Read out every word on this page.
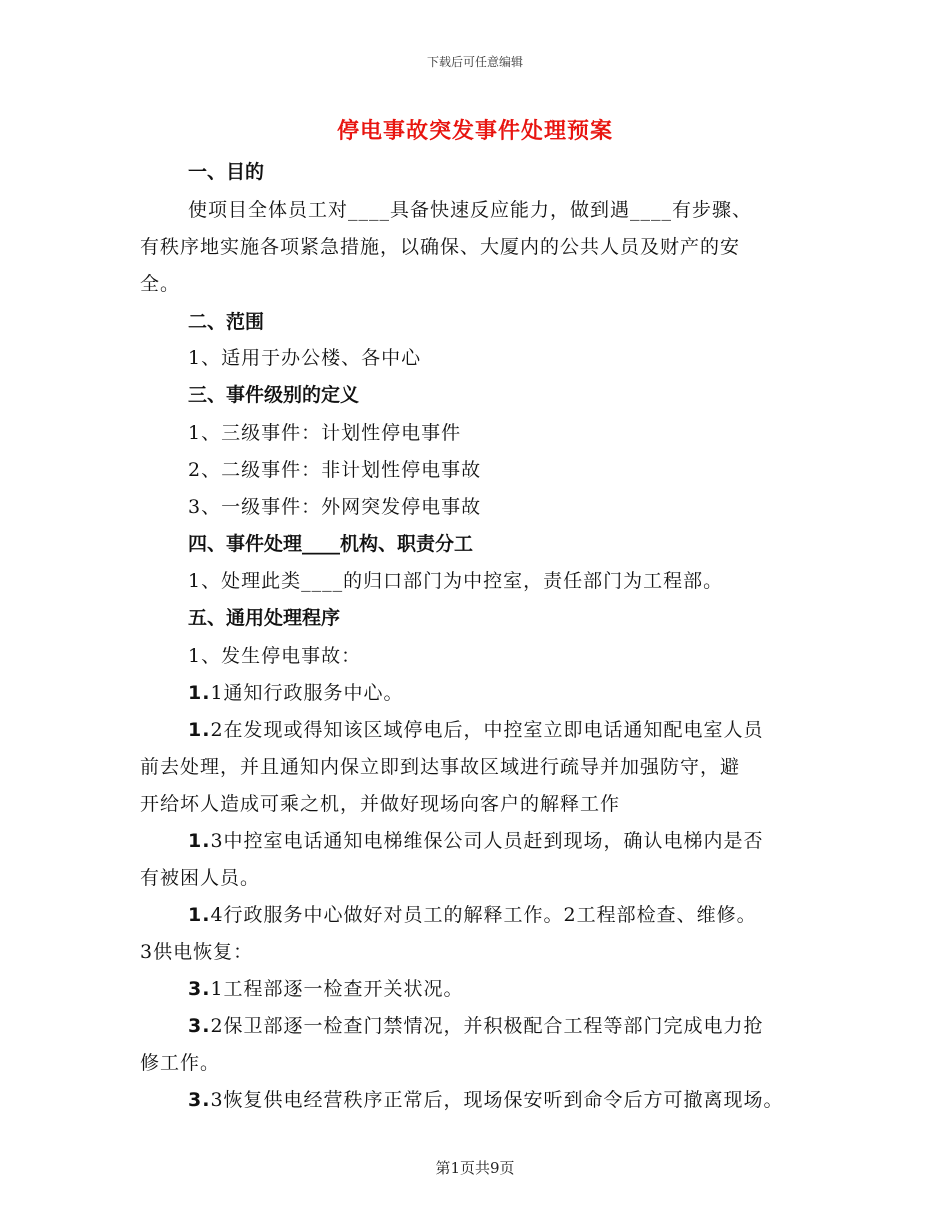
下载后可任意编辑
停电事故突发事件处理预案
一、目的
使项目全体员工对____具备快速反应能力，做到遇____有步骤、
有秩序地实施各项紧急措施，以确保、大厦内的公共人员及财产的安
全。
二、范围
1、适用于办公楼、各中心
三、事件级别的定义
1、三级事件：计划性停电事件
2、二级事件：非计划性停电事故
3、一级事件：外网突发停电事故
四、事件处理____机构、职责分工
1、处理此类____的归口部门为中控室，责任部门为工程部。
五、通用处理程序
1、发生停电事故：
1.1通知行政服务中心。
1.2在发现或得知该区域停电后，中控室立即电话通知配电室人员
前去处理，并且通知内保立即到达事故区域进行疏导并加强防守，避
开给坏人造成可乘之机，并做好现场向客户的解释工作
1.3中控室电话通知电梯维保公司人员赶到现场，确认电梯内是否
有被困人员。
1.4行政服务中心做好对员工的解释工作。2工程部检查、维修。
3供电恢复：
3.1工程部逐一检查开关状况。
3.2保卫部逐一检查门禁情况，并积极配合工程等部门完成电力抢
修工作。
3.3恢复供电经营秩序正常后，现场保安听到命令后方可撤离现场。
第1页共9页
